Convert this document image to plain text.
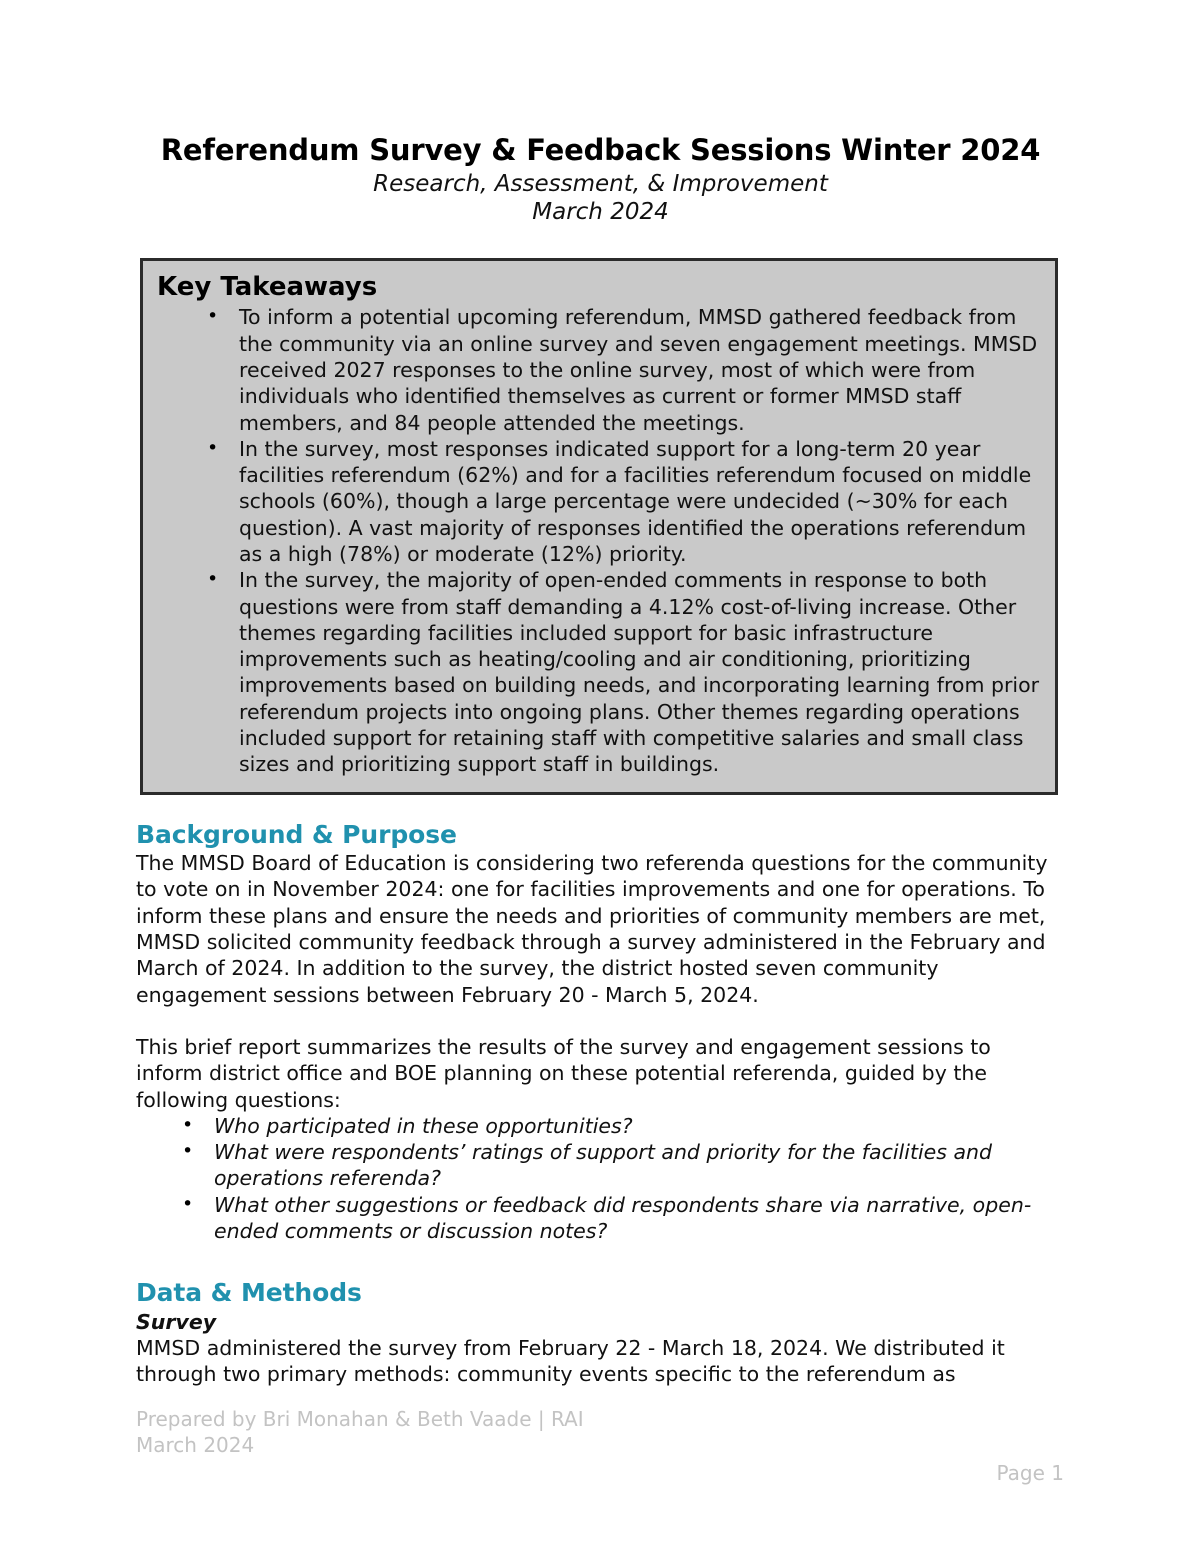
Referendum Survey & Feedback Sessions Winter 2024
Research, Assessment, & Improvement
March 2024
Key Takeaways
• To inform a potential upcoming referendum, MMSD gathered feedback from the community via an online survey and seven engagement meetings. MMSD received 2027 responses to the online survey, most of which were from individuals who identified themselves as current or former MMSD staff members, and 84 people attended the meetings.
• In the survey, most responses indicated support for a long-term 20 year facilities referendum (62%) and for a facilities referendum focused on middle schools (60%), though a large percentage were undecided (~30% for each question). A vast majority of responses identified the operations referendum as a high (78%) or moderate (12%) priority.
• In the survey, the majority of open-ended comments in response to both questions were from staff demanding a 4.12% cost-of-living increase. Other themes regarding facilities included support for basic infrastructure improvements such as heating/cooling and air conditioning, prioritizing improvements based on building needs, and incorporating learning from prior referendum projects into ongoing plans. Other themes regarding operations included support for retaining staff with competitive salaries and small class sizes and prioritizing support staff in buildings.
Background & Purpose

The MMSD Board of Education is considering two referenda questions for the community to vote on in November 2024: one for facilities improvements and one for operations. To inform these plans and ensure the needs and priorities of community members are met, MMSD solicited community feedback through a survey administered in the February and March of 2024. In addition to the survey, the district hosted seven community engagement sessions between February 20 - March 5, 2024.

This brief report summarizes the results of the survey and engagement sessions to inform district office and BOE planning on these potential referenda, guided by the following questions:

• Who participated in these opportunities?
• What were respondents’ ratings of support and priority for the facilities and operations referenda?
• What other suggestions or feedback did respondents share via narrative, open-ended comments or discussion notes?
Data & Methods
Survey

MMSD administered the survey from February 22 - March 18, 2024. We distributed it through two primary methods: community events specific to the referendum as

Prepared by Bri Monahan & Beth Vaade | RAI
March 2024
Page 1
